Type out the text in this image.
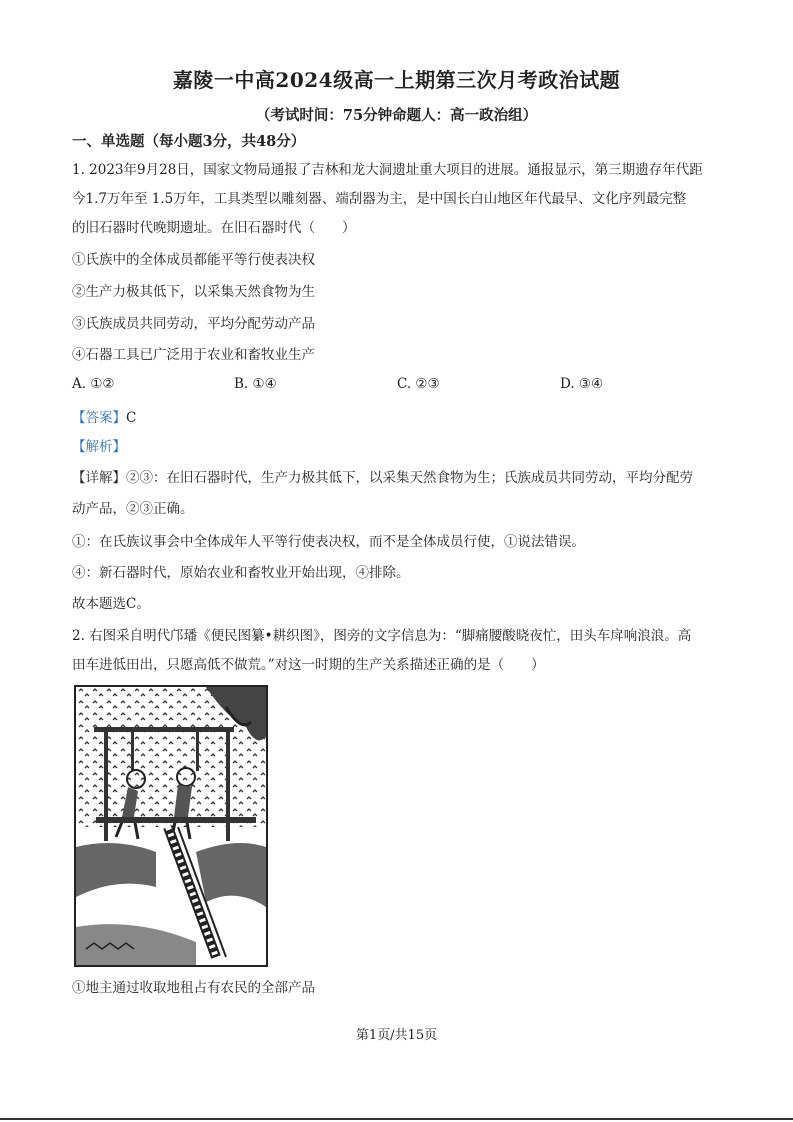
嘉陵一中高2024级高一上期第三次月考政治试题
（考试时间：75分钟命题人：高一政治组）
一、单选题（每小题3分，共48分）
1. 2023年9月28日，国家文物局通报了吉林和龙大洞遗址重大项目的进展。通报显示，第三期遗存年代距
今1.7万年至 1.5万年，工具类型以雕刻器、端刮器为主，是中国长白山地区年代最早、文化序列最完整
的旧石器时代晚期遗址。在旧石器时代（　　）
①氏族中的全体成员都能平等行使表决权
②生产力极其低下，以采集天然食物为生
③氏族成员共同劳动，平均分配劳动产品
④石器工具已广泛用于农业和畜牧业生产
A. ①②	B. ①④	C. ②③	D. ③④
【答案】C
【解析】
【详解】②③：在旧石器时代，生产力极其低下，以采集天然食物为生；氏族成员共同劳动，平均分配劳
动产品，②③正确。
①：在氏族议事会中全体成年人平等行使表决权，而不是全体成员行使，①说法错误。
④：新石器时代，原始农业和畜牧业开始出现，④排除。
故本题选C。
2. 右图采自明代邝璠《便民图纂•耕织图》，图旁的文字信息为：“脚痛腰酸晓夜忙，田头车戽响浪浪。高
田车进低田出，只愿高低不做荒。”对这一时期的生产关系描述正确的是（　　）
①地主通过收取地租占有农民的全部产品
第1页/共15页
